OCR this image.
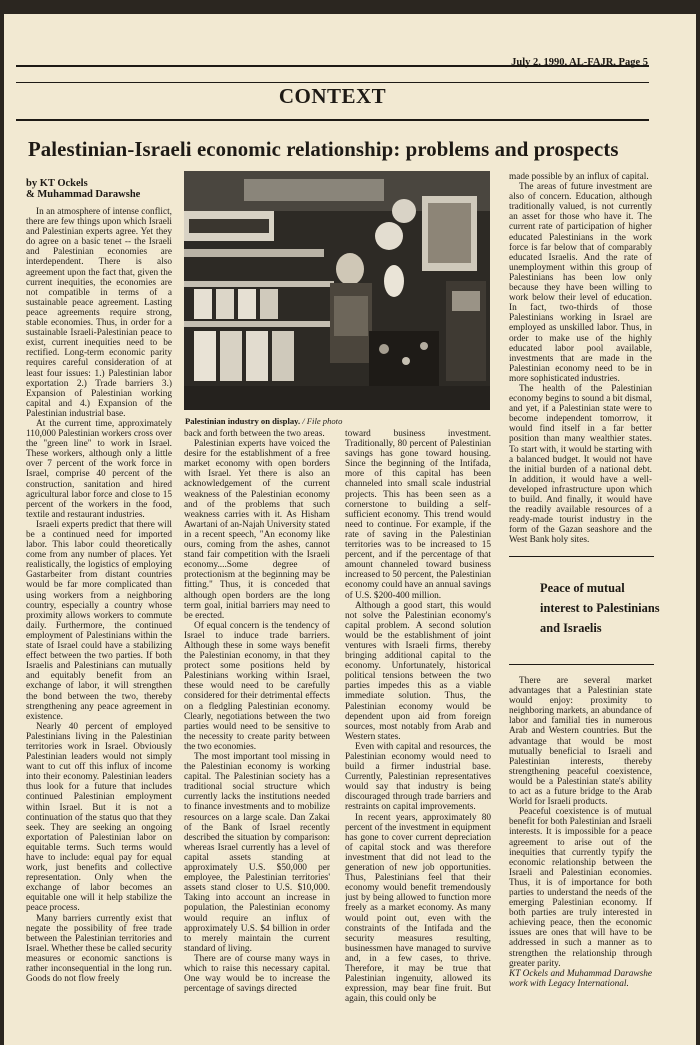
July 2, 1990, AL-FAJR, Page 5
CONTEXT
Palestinian-Israeli economic relationship: problems and prospects
by KT Ockels
& Muhammad Darawshe

In an atmosphere of intense conflict, there are few things upon which Israeli and Palestinian experts agree. Yet they do agree on a basic tenet -- the Israeli and Palestinian economies are interdependent. There is also agreement upon the fact that, given the current inequities, the economies are not compatible in terms of a sustainable peace agreement. Lasting peace agreements require strong, stable economies. Thus, in order for a sustainable Israeli-Palestinian peace to exist, current inequities need to be rectified. Long-term economic parity requires careful consideration of at least four issues: 1.) Palestinian labor exportation 2.) Trade barriers 3.) Expansion of Palestinian working capital and 4.) Expansion of the Palestinian industrial base.

At the current time, approximately 110,000 Palestinian workers cross over the "green line" to work in Israel. These workers, although only a little over 7 percent of the work force in Israel, comprise 40 percent of the construction, sanitation and hired agricultural labor force and close to 15 percent of the workers in the food, textile and restaurant industries.

Israeli experts predict that there will be a continued need for imported labor. This labor could theoretically come from any number of places. Yet realistically, the logistics of employing Gastarbeiter from distant countries would be far more complicated than using workers from a neighboring country, especially a country whose proximity allows workers to commute daily. Furthermore, the continued employment of Palestinians within the state of Israel could have a stabilizing effect between the two parties. If both Israelis and Palestinians can mutually and equitably benefit from an exchange of labor, it will strengthen the bond between the two, thereby strengthening any peace agreement in existence.

Nearly 40 percent of employed Palestinians living in the Palestinian territories work in Israel. Obviously Palestinian leaders would not simply want to cut off this influx of income into their economy. Palestinian leaders thus look for a future that includes continued Palestinian employment within Israel. But it is not a continuation of the status quo that they seek. They are seeking an ongoing exportation of Palestinian labor on equitable terms. Such terms would have to include: equal pay for equal work, just benefits and collective representation. Only when the exchange of labor becomes an equitable one will it help stabilize the peace process.

Many barriers currently exist that negate the possibility of free trade between the Palestinian territories and Israel. Whether these be called security measures or economic sanctions is rather inconsequential in the long run. Goods do not flow freely

Palestinian industry on display. / File photo

back and forth between the two areas.

Palestinian experts have voiced the desire for the establishment of a free market economy with open borders with Israel. Yet there is also an acknowledgement of the current weakness of the Palestinian economy and of the problems that such weakness carries with it. As Hisham Awartani of an-Najah University stated in a recent speech, "An economy like ours, coming from the ashes, cannot stand fair competition with the Israeli economy....Some degree of protectionism at the beginning may be fitting." Thus, it is conceded that although open borders are the long term goal, initial barriers may need to be erected.

Of equal concern is the tendency of Israel to induce trade barriers. Although these in some ways benefit the Palestinian economy, in that they protect some positions held by Palestinians working within Israel, these would need to be carefully considered for their detrimental effects on a fledgling Palestinian economy. Clearly, negotiations between the two parties would need to be sensitive to the necessity to create parity between the two economies.

The most important tool missing in the Palestinian economy is working capital. The Palestinian society has a traditional social structure which currently lacks the institutions needed to finance investments and to mobilize resources on a large scale. Dan Zakai of the Bank of Israel recently described the situation by comparison: whereas Israel currently has a level of capital assets standing at approximately U.S. $50,000 per employee, the Palestinian territories' assets stand closer to U.S. $10,000. Taking into account an increase in population, the Palestinian economy would require an influx of approximately U.S. $4 billion in order to merely maintain the current standard of living.

There are of course many ways in which to raise this necessary capital. One way would be to increase the percentage of savings directed

toward business investment. Traditionally, 80 percent of Palestinian savings has gone toward housing. Since the beginning of the Intifada, more of this capital has been channeled into small scale industrial projects. This has been seen as a cornerstone to building a self-sufficient economy. This trend would need to continue. For example, if the rate of saving in the Palestinian territories was to be increased to 15 percent, and if the percentage of that amount channeled toward business increased to 50 percent, the Palestinian economy could have an annual savings of U.S. $200-400 million.

Although a good start, this would not solve the Palestinian economy's capital problem. A second solution would be the establishment of joint ventures with Israeli firms, thereby bringing additional capital to the economy. Unfortunately, historical political tensions between the two parties impedes this as a viable immediate solution. Thus, the Palestinian economy would be dependent upon aid from foreign sources, most notably from Arab and Western states.

Even with capital and resources, the Palestinian economy would need to build a firmer industrial base. Currently, Palestinian representatives would say that industry is being discouraged through trade barriers and restraints on capital improvements.

In recent years, approximately 80 percent of the investment in equipment has gone to cover current depreciation of capital stock and was therefore investment that did not lead to the generation of new job opportunities. Thus, Palestinians feel that their economy would benefit tremendously just by being allowed to function more freely as a market economy. As many would point out, even with the constraints of the Intifada and the security measures resulting, businessmen have managed to survive and, in a few cases, to thrive. Therefore, it may be true that Palestinian ingenuity, allowed its expression, may bear fine fruit. But again, this could only be

made possible by an influx of capital.

The areas of future investment are also of concern. Education, although traditionally valued, is not currently an asset for those who have it. The current rate of participation of higher educated Palestinians in the work force is far below that of comparably educated Israelis. And the rate of unemployment within this group of Palestinians has been low only because they have been willing to work below their level of education. In fact, two-thirds of those Palestinians working in Israel are employed as unskilled labor. Thus, in order to make use of the highly educated labor pool available, investments that are made in the Palestinian economy need to be in more sophisticated industries.

The health of the Palestinian economy begins to sound a bit dismal, and yet, if a Palestinian state were to become independent tomorrow, it would find itself in a far better position than many wealthier states. To start with, it would be starting with a balanced budget. It would not have the initial burden of a national debt. In addition, it would have a well-developed infrastructure upon which to build. And finally, it would have the readily available resources of a ready-made tourist industry in the form of the Gazan seashore and the West Bank holy sites.

Peace of mutual interest to Palestinians and Israelis

There are several market advantages that a Palestinian state would enjoy: proximity to neighboring markets, an abundance of labor and familial ties in numerous Arab and Western countries. But the advantage that would be most mutually beneficial to Israeli and Palestinian interests, thereby strengthening peaceful coexistence, would be a Palestinian state's ability to act as a future bridge to the Arab World for Israeli products.

Peaceful coexistence is of mutual benefit for both Palestinian and Israeli interests. It is impossible for a peace agreement to arise out of the inequities that currently typify the economic relationship between the Israeli and Palestinian economies. Thus, it is of importance for both parties to understand the needs of the emerging Palestinian economy. If both parties are truly interested in achieving peace, then the economic issues are ones that will have to be addressed in such a manner as to strengthen the relationship through greater parity.

KT Ockels and Muhammad Darawshe work with Legacy International.
